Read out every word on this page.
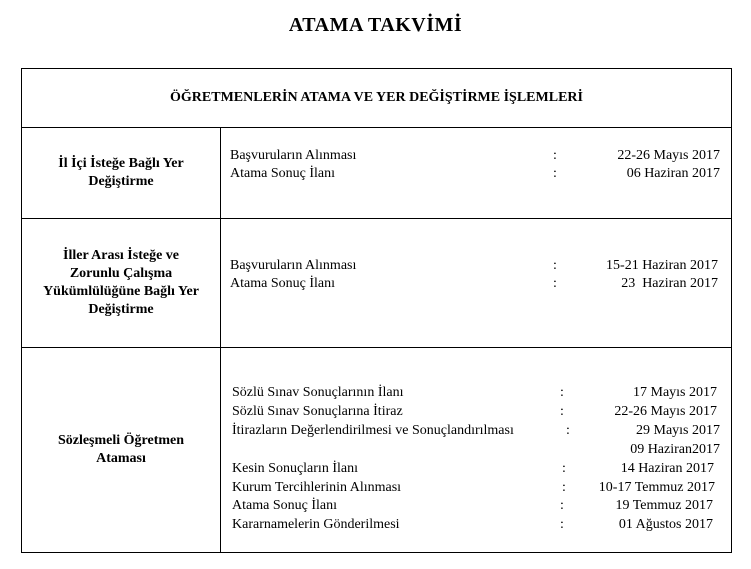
ATAMA TAKVİMİ
ÖĞRETMENLERİN ATAMA VE YER DEĞİŞTİRME İŞLEMLERİ
İl İçi İsteğe Bağlı Yer Değiştirme
Başvuruların Alınması	:	22-26 Mayıs 2017
Atama Sonuç İlanı	:	06 Haziran 2017
İller Arası İsteğe ve Zorunlu Çalışma Yükümlülüğüne Bağlı Yer Değiştirme
Başvuruların Alınması	:	15-21 Haziran 2017
Atama Sonuç İlanı	:	23  Haziran 2017
Sözleşmeli Öğretmen Ataması
Sözlü Sınav Sonuçlarının İlanı	:	17 Mayıs 2017
Sözlü Sınav Sonuçlarına İtiraz	:	22-26 Mayıs 2017
İtirazların Değerlendirilmesi ve Sonuçlandırılması	:	29 Mayıs 2017
09 Haziran2017
Kesin Sonuçların İlanı	:	14 Haziran 2017
Kurum Tercihlerinin Alınması	: 10-17 Temmuz 2017
Atama Sonuç İlanı	:	19 Temmuz 2017
Kararnamelerin Gönderilmesi	:	01 Ağustos 2017
